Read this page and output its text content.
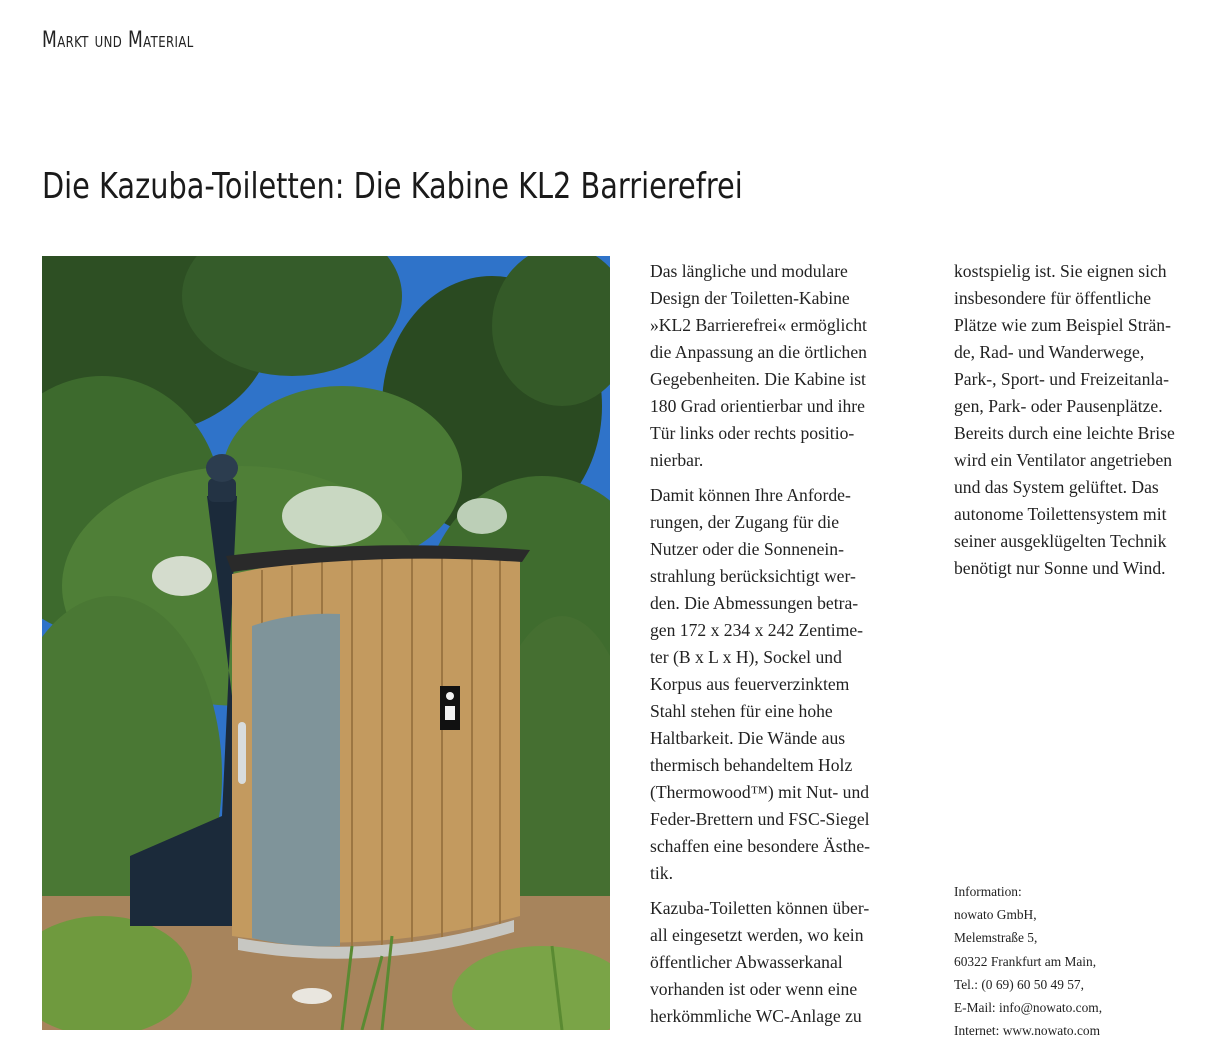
Markt und Material
Die Kazuba-Toiletten: Die Kabine KL2 Barrierefrei

Das längliche und modulare

Design der Toiletten-Kabine

»KL2 Barrierefrei« ermöglicht

die Anpassung an die örtlichen

Gegebenheiten. Die Kabine ist

180 Grad orientierbar und ihre

Tür links oder rechts positio-

nierbar.

Damit können Ihre Anforde-

rungen, der Zugang für die

Nutzer oder die Sonnenein-

strahlung berücksichtigt wer-

den. Die Abmessungen betra-

gen 172 x 234 x 242 Zentime-

ter (B x L x H), Sockel und

Korpus aus feuerverzinktem

Stahl stehen für eine hohe

Haltbarkeit. Die Wände aus

thermisch behandeltem Holz

(Thermowood™) mit Nut- und

Feder-Brettern und FSC-Siegel

schaffen eine besondere Ästhe-

tik.

Kazuba-Toiletten können über-

all eingesetzt werden, wo kein

öffentlicher Abwasserkanal

vorhanden ist oder wenn eine

herkömmliche WC-Anlage zu

kostspielig ist. Sie eignen sich

insbesondere für öffentliche

Plätze wie zum Beispiel Strän-

de, Rad- und Wanderwege,

Park-, Sport- und Freizeitanla-

gen, Park- oder Pausenplätze.

Bereits durch eine leichte Brise

wird ein Ventilator angetrieben

und das System gelüftet. Das

autonome Toilettensystem mit

seiner ausgeklügelten Technik

benötigt nur Sonne und Wind.

Information:
nowato GmbH,
Melemstraße 5,
60322 Frankfurt am Main,
Tel.: (0 69) 60 50 49 57,
E-Mail: info@nowato.com,
Internet: www.nowato.com
